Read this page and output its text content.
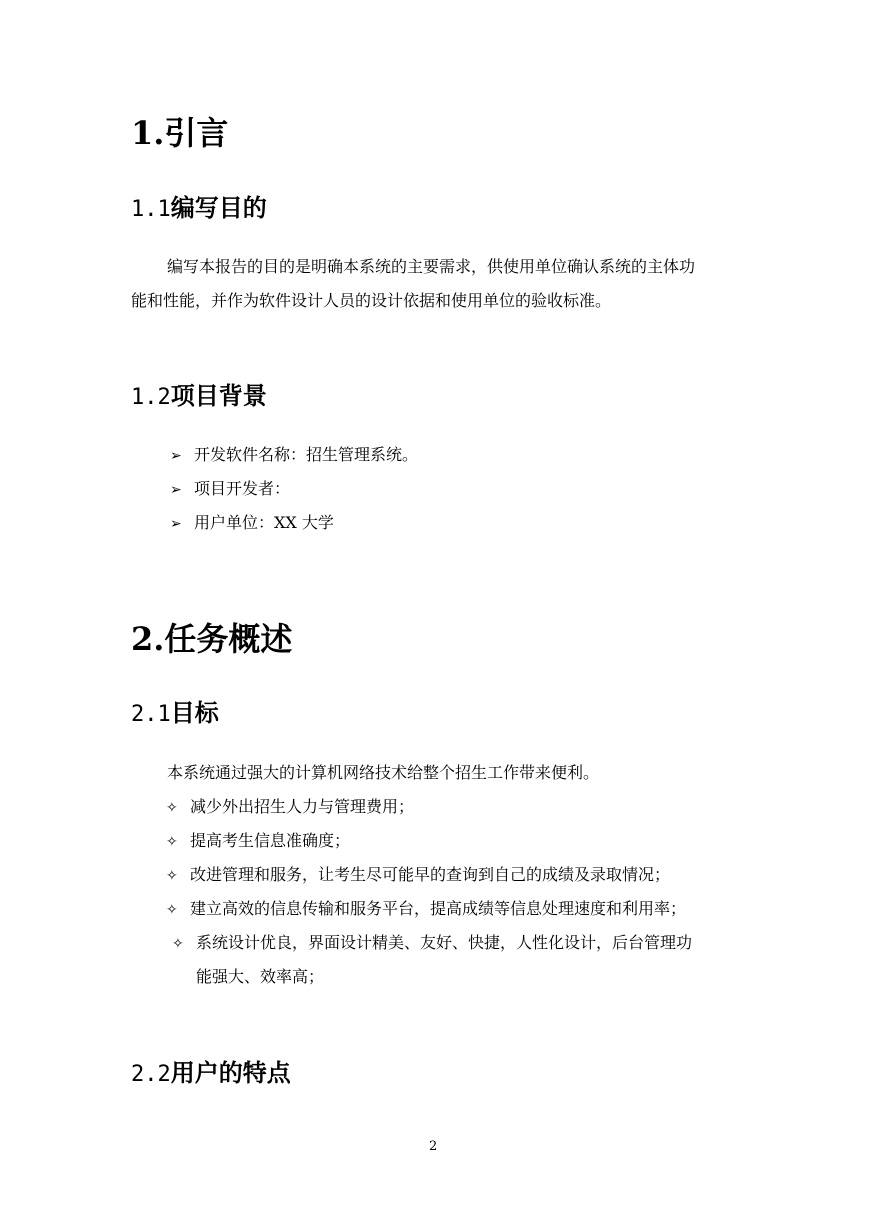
1.引言
1.1编写目的
编写本报告的目的是明确本系统的主要需求，供使用单位确认系统的主体功
能和性能，并作为软件设计人员的设计依据和使用单位的验收标准。
1.2项目背景
➢ 开发软件名称：招生管理系统。
➢ 项目开发者：
➢ 用户单位：XX 大学
2.任务概述
2.1目标
本系统通过强大的计算机网络技术给整个招生工作带来便利。
✧ 减少外出招生人力与管理费用；
✧ 提高考生信息准确度；
✧ 改进管理和服务，让考生尽可能早的查询到自己的成绩及录取情况；
✧ 建立高效的信息传输和服务平台，提高成绩等信息处理速度和利用率；
✧ 系统设计优良，界面设计精美、友好、快捷，人性化设计，后台管理功
能强大、效率高；
2.2用户的特点
2
